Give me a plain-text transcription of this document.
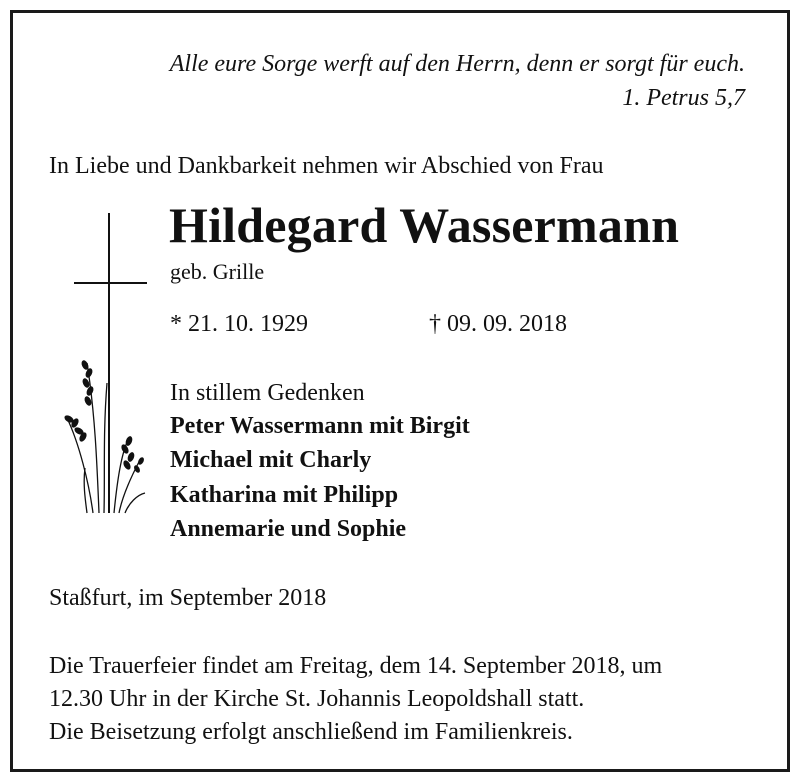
Alle eure Sorge werft auf den Herrn, denn er sorgt für euch.
1. Petrus 5,7
In Liebe und Dankbarkeit nehmen wir Abschied von Frau
Hildegard Wassermann
geb. Grille
* 21. 10. 1929	† 09. 09. 2018
In stillem Gedenken
Peter Wassermann mit Birgit
Michael mit Charly
Katharina mit Philipp
Annemarie und Sophie
Staßfurt, im September 2018
Die Trauerfeier findet am Freitag, dem 14. September 2018, um
12.30 Uhr in der Kirche St. Johannis Leopoldshall statt.
Die Beisetzung erfolgt anschließend im Familienkreis.
